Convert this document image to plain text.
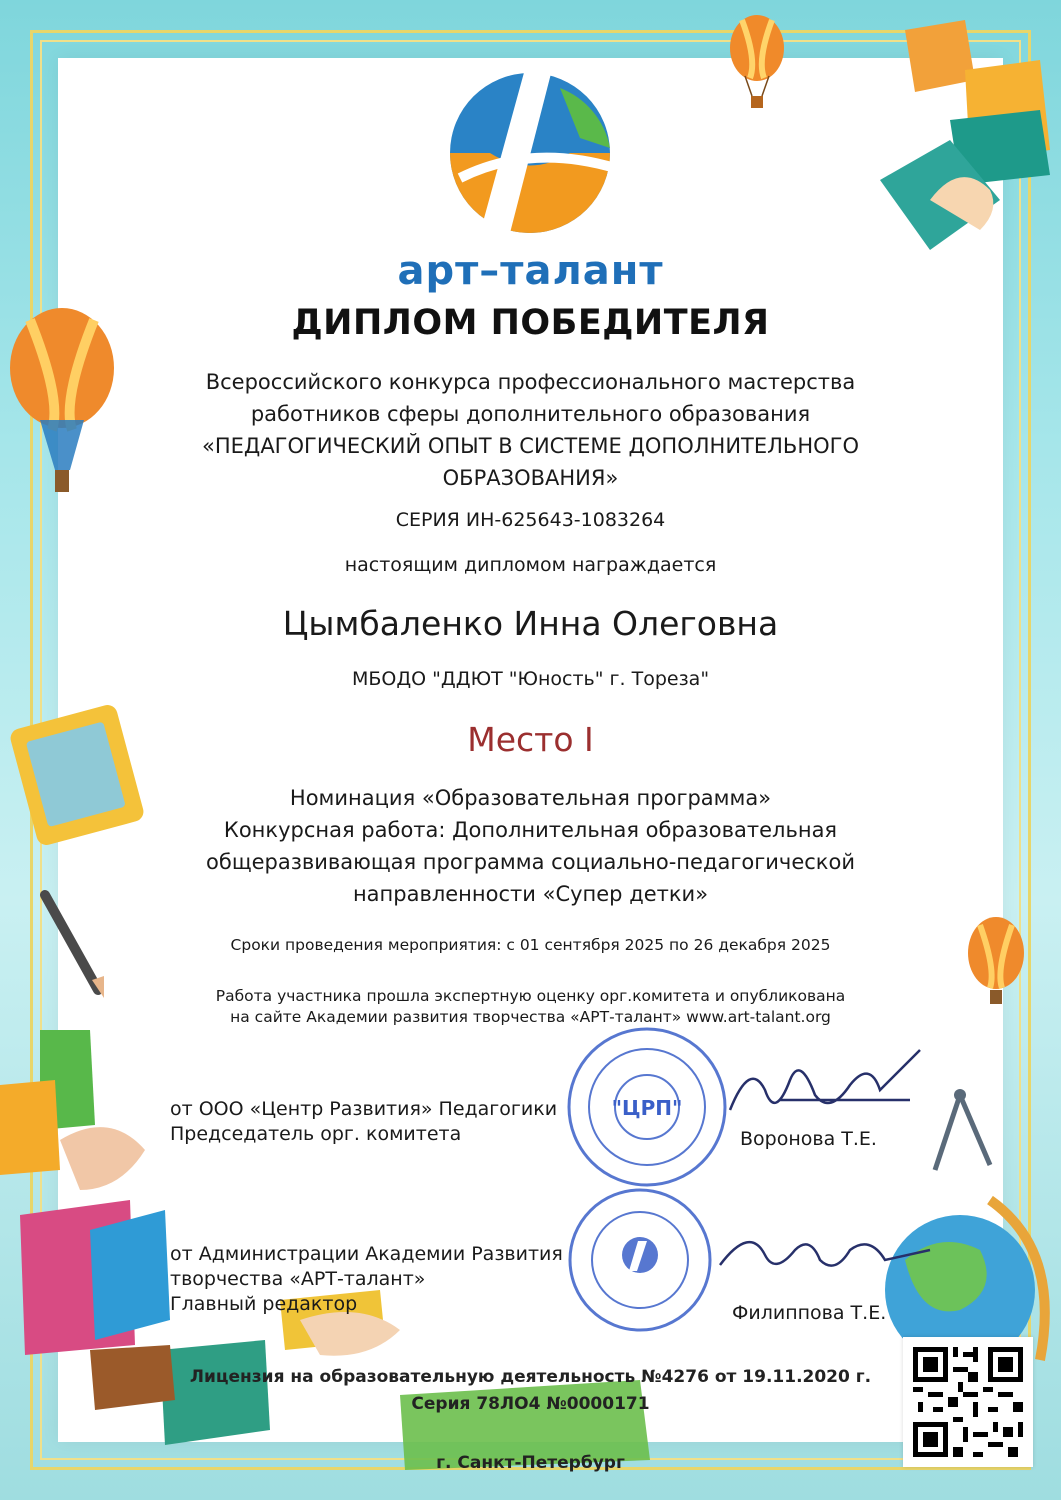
арт–талант
ДИПЛОМ ПОБЕДИТЕЛЯ
Всероссийского конкурса профессионального мастерства
работников сферы дополнительного образования
«ПЕДАГОГИЧЕСКИЙ ОПЫТ В СИСТЕМЕ ДОПОЛНИТЕЛЬНОГО
ОБРАЗОВАНИЯ»
СЕРИЯ ИН-625643-1083264
настоящим дипломом награждается
Цымбаленко Инна Олеговна
МБОДО "ДДЮТ "Юность" г. Тореза"
Место I
Номинация «Образовательная программа»
Конкурсная работа: Дополнительная образовательная
общеразвивающая программа социально-педагогической
направленности «Супер детки»
Сроки проведения мероприятия: с 01 сентября 2025 по 26 декабря 2025
Работа участника прошла экспертную оценку орг.комитета и опубликована
на сайте Академии развития творчества «АРТ-талант» www.art-talant.org
от ООО «Центр Развития» Педагогики
Председатель орг. комитета
"ЦРП"
Воронова Т.Е.
от Администрации Академии Развития
творчества «АРТ-талант»
Главный редактор	Филиппова Т.Е.
Лицензия на образовательную деятельность №4276 от 19.11.2020 г.
Серия 78ЛО4 №0000171
г. Санкт-Петербург
